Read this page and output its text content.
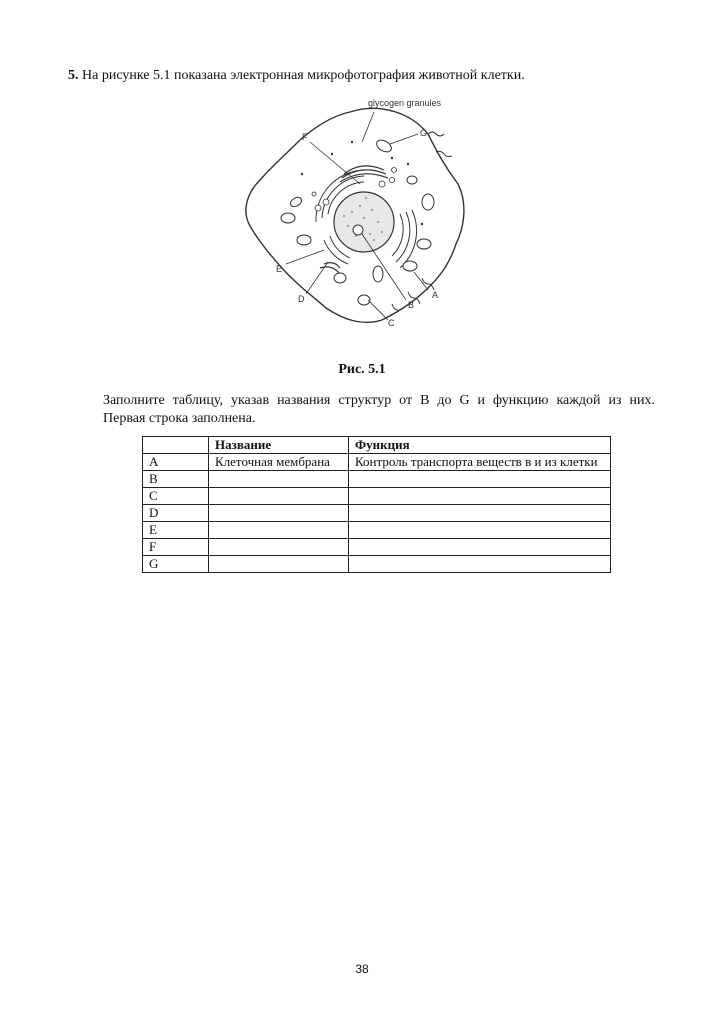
5. На рисунке 5.1 показана электронная микрофотография животной клетки.
glycogen granules
G
F
E
D	A
B
C
Рис. 5.1
Заполните таблицу, указав названия структур от B до G и функцию каждой из них.
Первая строка заполнена.
	Название	Функция
A	Клеточная мембрана	Контроль транспорта веществ в и из клетки
B		
C		
D		
E		
F		
G		
38
